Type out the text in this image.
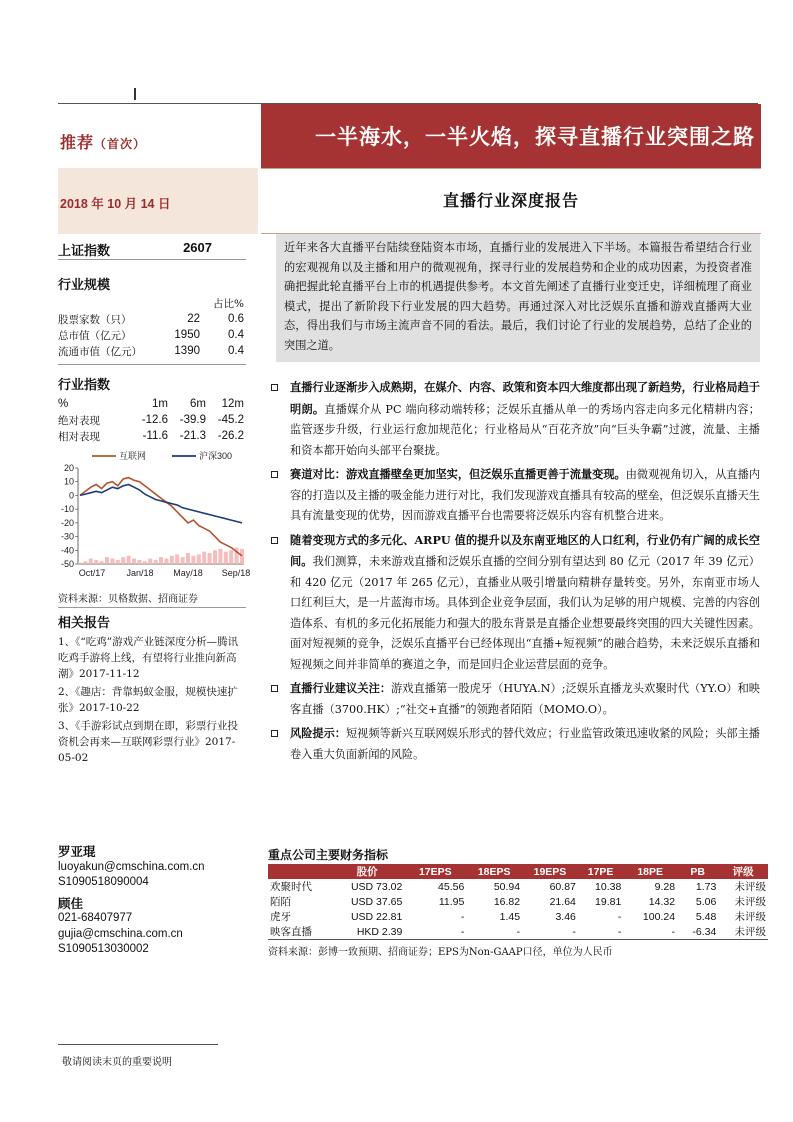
推荐（首次）	一半海水，一半火焰，探寻直播行业突围之路
2018 年 10 月 14 日	直播行业深度报告
上证指数	2607
行业规模
占比%
股票家数（只）	22	0.6
总市值（亿元）	1950	0.4
流通市值（亿元）	1390	0.4
行业指数
%	1m	6m	12m
绝对表现	-12.6	-39.9	-45.2
相对表现	-11.6	-21.3	-26.2
20
10
0
-10
-20
-30
-40
-50
Oct/17 Jan/18 May/18 Sep/18
互联网	沪深300
资料来源：贝格数据、招商证券
相关报告
1、《“吃鸡”游戏产业链深度分析—腾讯吃鸡手游将上线，有望将行业推向新高潮》2017-11-12
2、《趣店：背靠蚂蚁金服，规模快速扩张》2017-10-22
3、《手游彩试点到期在即，彩票行业投资机会再来—互联网彩票行业》2017-05-02
罗亚琨
luoyakun@cmschina.com.cn
S1090518090004
顾佳
021-68407977
gujia@cmschina.com.cn
S1090513030002
近年来各大直播平台陆续登陆资本市场，直播行业的发展进入下半场。本篇报告希望结合行业的宏观视角以及主播和用户的微观视角，探寻行业的发展趋势和企业的成功因素，为投资者准确把握此轮直播平台上市的机遇提供参考。本文首先阐述了直播行业变迁史，详细梳理了商业模式，提出了新阶段下行业发展的四大趋势。再通过深入对比泛娱乐直播和游戏直播两大业态，得出我们与市场主流声音不同的看法。最后，我们讨论了行业的发展趋势，总结了企业的突围之道。
直播行业逐渐步入成熟期，在媒介、内容、政策和资本四大维度都出现了新趋势，行业格局趋于明朗。直播媒介从 PC 端向移动端转移；泛娱乐直播从单一的秀场内容走向多元化精耕内容；监管逐步升级，行业运行愈加规范化；行业格局从“百花齐放”向“巨头争霸”过渡，流量、主播和资本都开始向头部平台聚拢。
赛道对比：游戏直播壁垒更加坚实，但泛娱乐直播更善于流量变现。由微观视角切入，从直播内容的打造以及主播的吸金能力进行对比，我们发现游戏直播具有较高的壁垒，但泛娱乐直播天生具有流量变现的优势，因而游戏直播平台也需要将泛娱乐内容有机整合进来。
随着变现方式的多元化、ARPU 值的提升以及东南亚地区的人口红利，行业仍有广阔的成长空间。我们测算，未来游戏直播和泛娱乐直播的空间分别有望达到 80 亿元（2017 年 39 亿元）和 420 亿元（2017 年 265 亿元），直播业从吸引增量向精耕存量转变。另外，东南亚市场人口红利巨大，是一片蓝海市场。具体到企业竞争层面，我们认为足够的用户规模、完善的内容创造体系、有机的多元化拓展能力和强大的股东背景是直播企业想要最终突围的四大关键性因素。面对短视频的竞争，泛娱乐直播平台已经体现出“直播+短视频”的融合趋势，未来泛娱乐直播和短视频之间并非简单的赛道之争，而是回归企业运营层面的竞争。
直播行业建议关注：游戏直播第一股虎牙（HUYA.N）;泛娱乐直播龙头欢聚时代（YY.O）和映客直播（3700.HK）;“社交+直播”的领跑者陌陌（MOMO.O）。
风险提示：短视频等新兴互联网娱乐形式的替代效应；行业监管政策迅速收紧的风险；头部主播卷入重大负面新闻的风险。
重点公司主要财务指标
	股价	17EPS	18EPS	19EPS	17PE	18PE	PB	评级
欢聚时代	USD 73.02	45.56	50.94	60.87	10.38	9.28	1.73	未评级
陌陌	USD 37.65	11.95	16.82	21.64	19.81	14.32	5.06	未评级
虎牙	USD 22.81	-	1.45	3.46	-	100.24	5.48	未评级
映客直播	HKD 2.39	-	-	-	-	-	-6.34	未评级
资料来源：彭博一致预期、招商证券；EPS为Non-GAAP口径，单位为人民币
敬请阅读末页的重要说明
